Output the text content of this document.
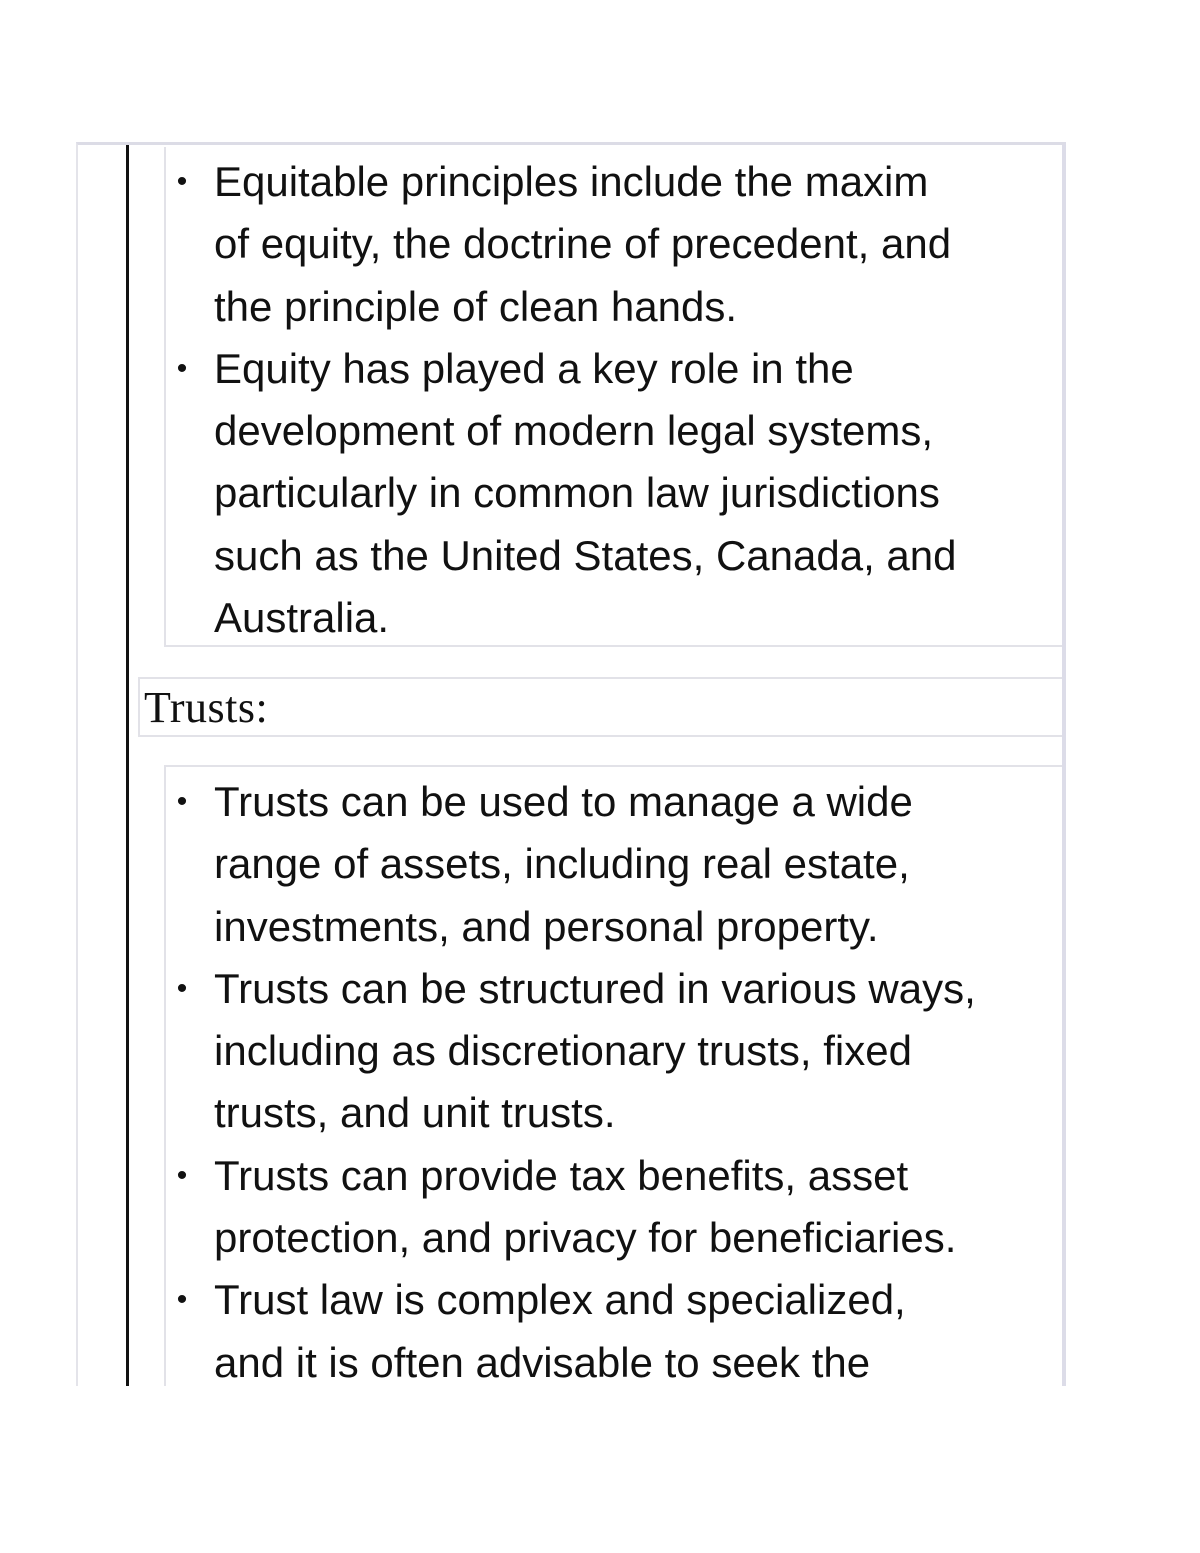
• Equitable principles include the maxim
of equity, the doctrine of precedent, and
the principle of clean hands.
• Equity has played a key role in the
development of modern legal systems,
particularly in common law jurisdictions
such as the United States, Canada, and
Australia.
Trusts:
• Trusts can be used to manage a wide
range of assets, including real estate,
investments, and personal property.
• Trusts can be structured in various ways,
including as discretionary trusts, fixed
trusts, and unit trusts.
• Trusts can provide tax benefits, asset
protection, and privacy for beneficiaries.
• Trust law is complex and specialized,
and it is often advisable to seek the
